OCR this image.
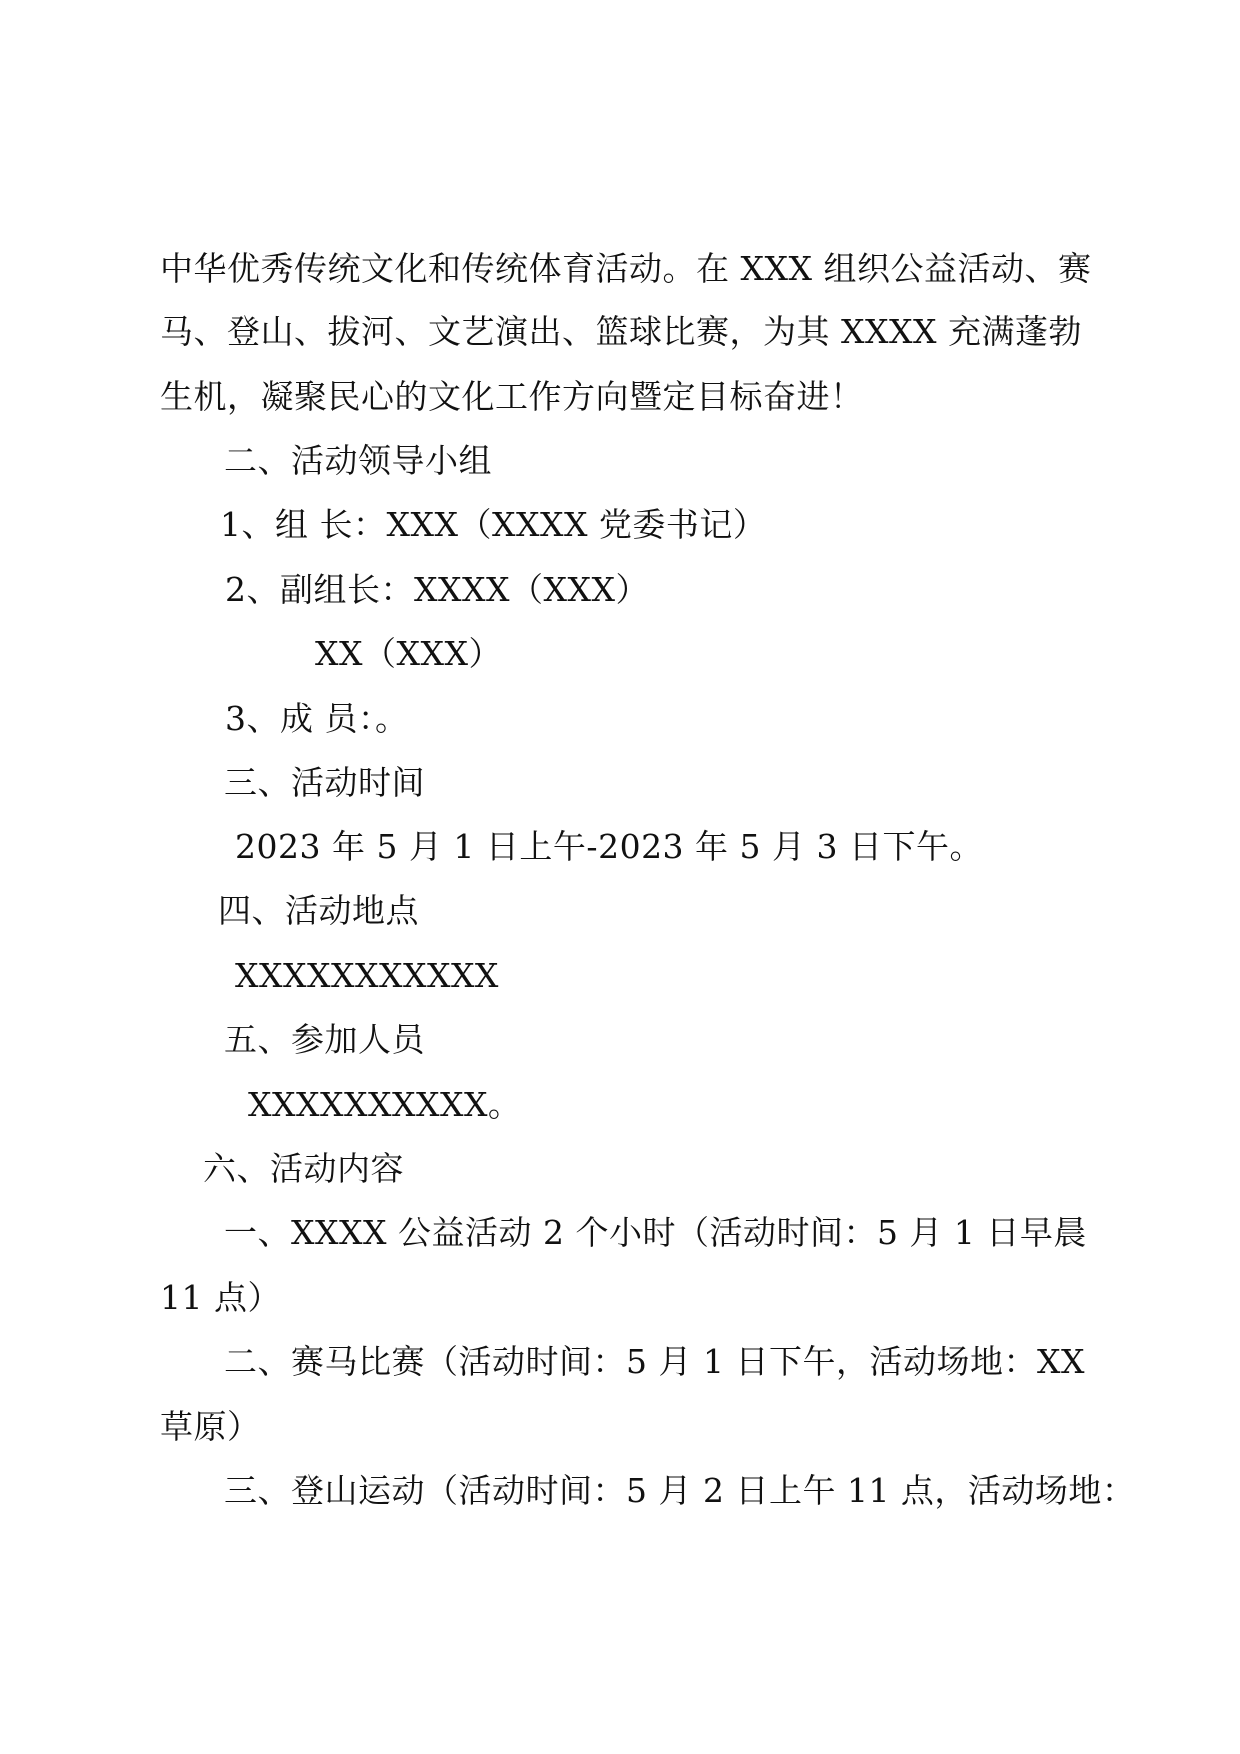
中华优秀传统文化和传统体育活动。在 XXX 组织公益活动、赛
马、登山、拔河、文艺演出、篮球比赛，为其 XXXX 充满蓬勃
生机，凝聚民心的文化工作方向暨定目标奋进！
二、活动领导小组
1、组 长：XXX（XXXX 党委书记）
2、副组长：XXXX（XXX）
XX（XXX）
3、成 员：。
三、活动时间
2023 年 5 月 1 日上午-2023 年 5 月 3 日下午。
四、活动地点
XXXXXXXXXXX
五、参加人员
XXXXXXXXXX。
六、活动内容
一、XXXX 公益活动 2 个小时（活动时间：5 月 1 日早晨
11 点）
二、赛马比赛（活动时间：5 月 1 日下午，活动场地：XX
草原）
三、登山运动（活动时间：5 月 2 日上午 11 点，活动场地：
